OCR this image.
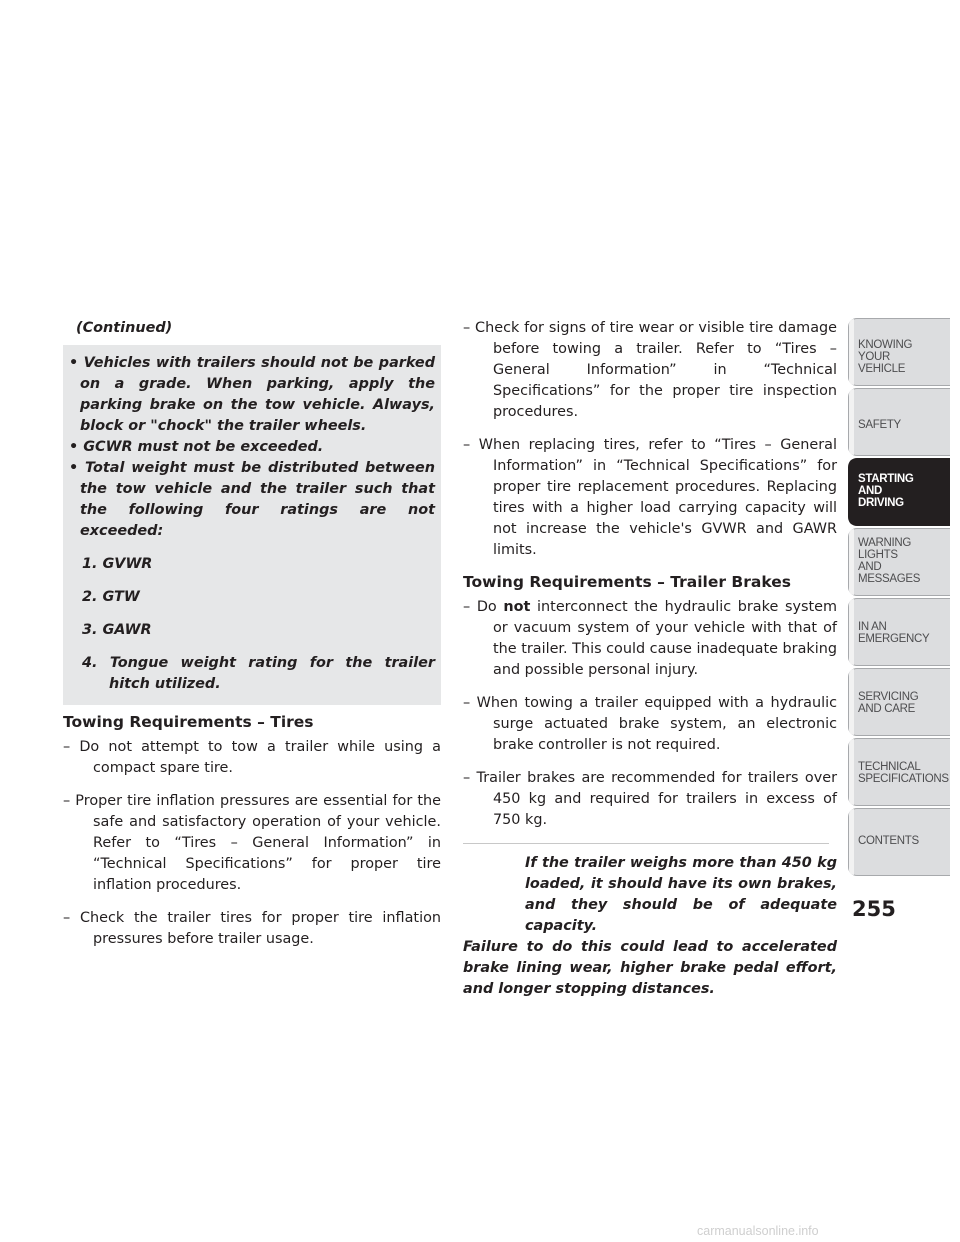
(Continued)
• Vehicles with trailers should not be parked on a grade. When parking, apply the parking brake on the tow vehicle. Always, block or "chock" the trailer wheels.
• GCWR must not be exceeded.
• Total weight must be distributed between the tow vehicle and the trailer such that the following four ratings are not exceeded:
1. GVWR
2. GTW
3. GAWR
4. Tongue weight rating for the trailer hitch utilized.
Towing Requirements – Tires
– Do not attempt to tow a trailer while using a compact spare tire.
– Proper tire inflation pressures are essential for the safe and satisfactory operation of your vehicle. Refer to “Tires – General Information” in “Technical Specifications” for proper tire inflation procedures.
– Check the trailer tires for proper tire inflation pressures before trailer usage.
– Check for signs of tire wear or visible tire damage before towing a trailer. Refer to “Tires – General Information” in “Technical Specifications” for the proper tire inspection procedures.
– When replacing tires, refer to “Tires – General Information” in “Technical Specifications” for proper tire replacement procedures. Replacing tires with a higher load carrying capacity will not increase the vehicle's GVWR and GAWR limits.
Towing Requirements – Trailer Brakes
– Do not interconnect the hydraulic brake system or vacuum system of your vehicle with that of the trailer. This could cause inadequate braking and possible personal injury.
– When towing a trailer equipped with a hydraulic surge actuated brake system, an electronic brake controller is not required.
– Trailer brakes are recommended for trailers over 450 kg and required for trailers in excess of 750 kg.
If the trailer weighs more than 450 kg loaded, it should have its own brakes, and they should be of adequate capacity.
Failure to do this could lead to accelerated brake lining wear, higher brake pedal effort, and longer stopping distances.
KNOWING
YOUR
VEHICLE
SAFETY
STARTING
AND
DRIVING
WARNING
LIGHTS
AND
MESSAGES
IN AN
EMERGENCY
SERVICING
AND CARE
TECHNICAL
SPECIFICATIONS
CONTENTS
255
carmanualsonline.info
